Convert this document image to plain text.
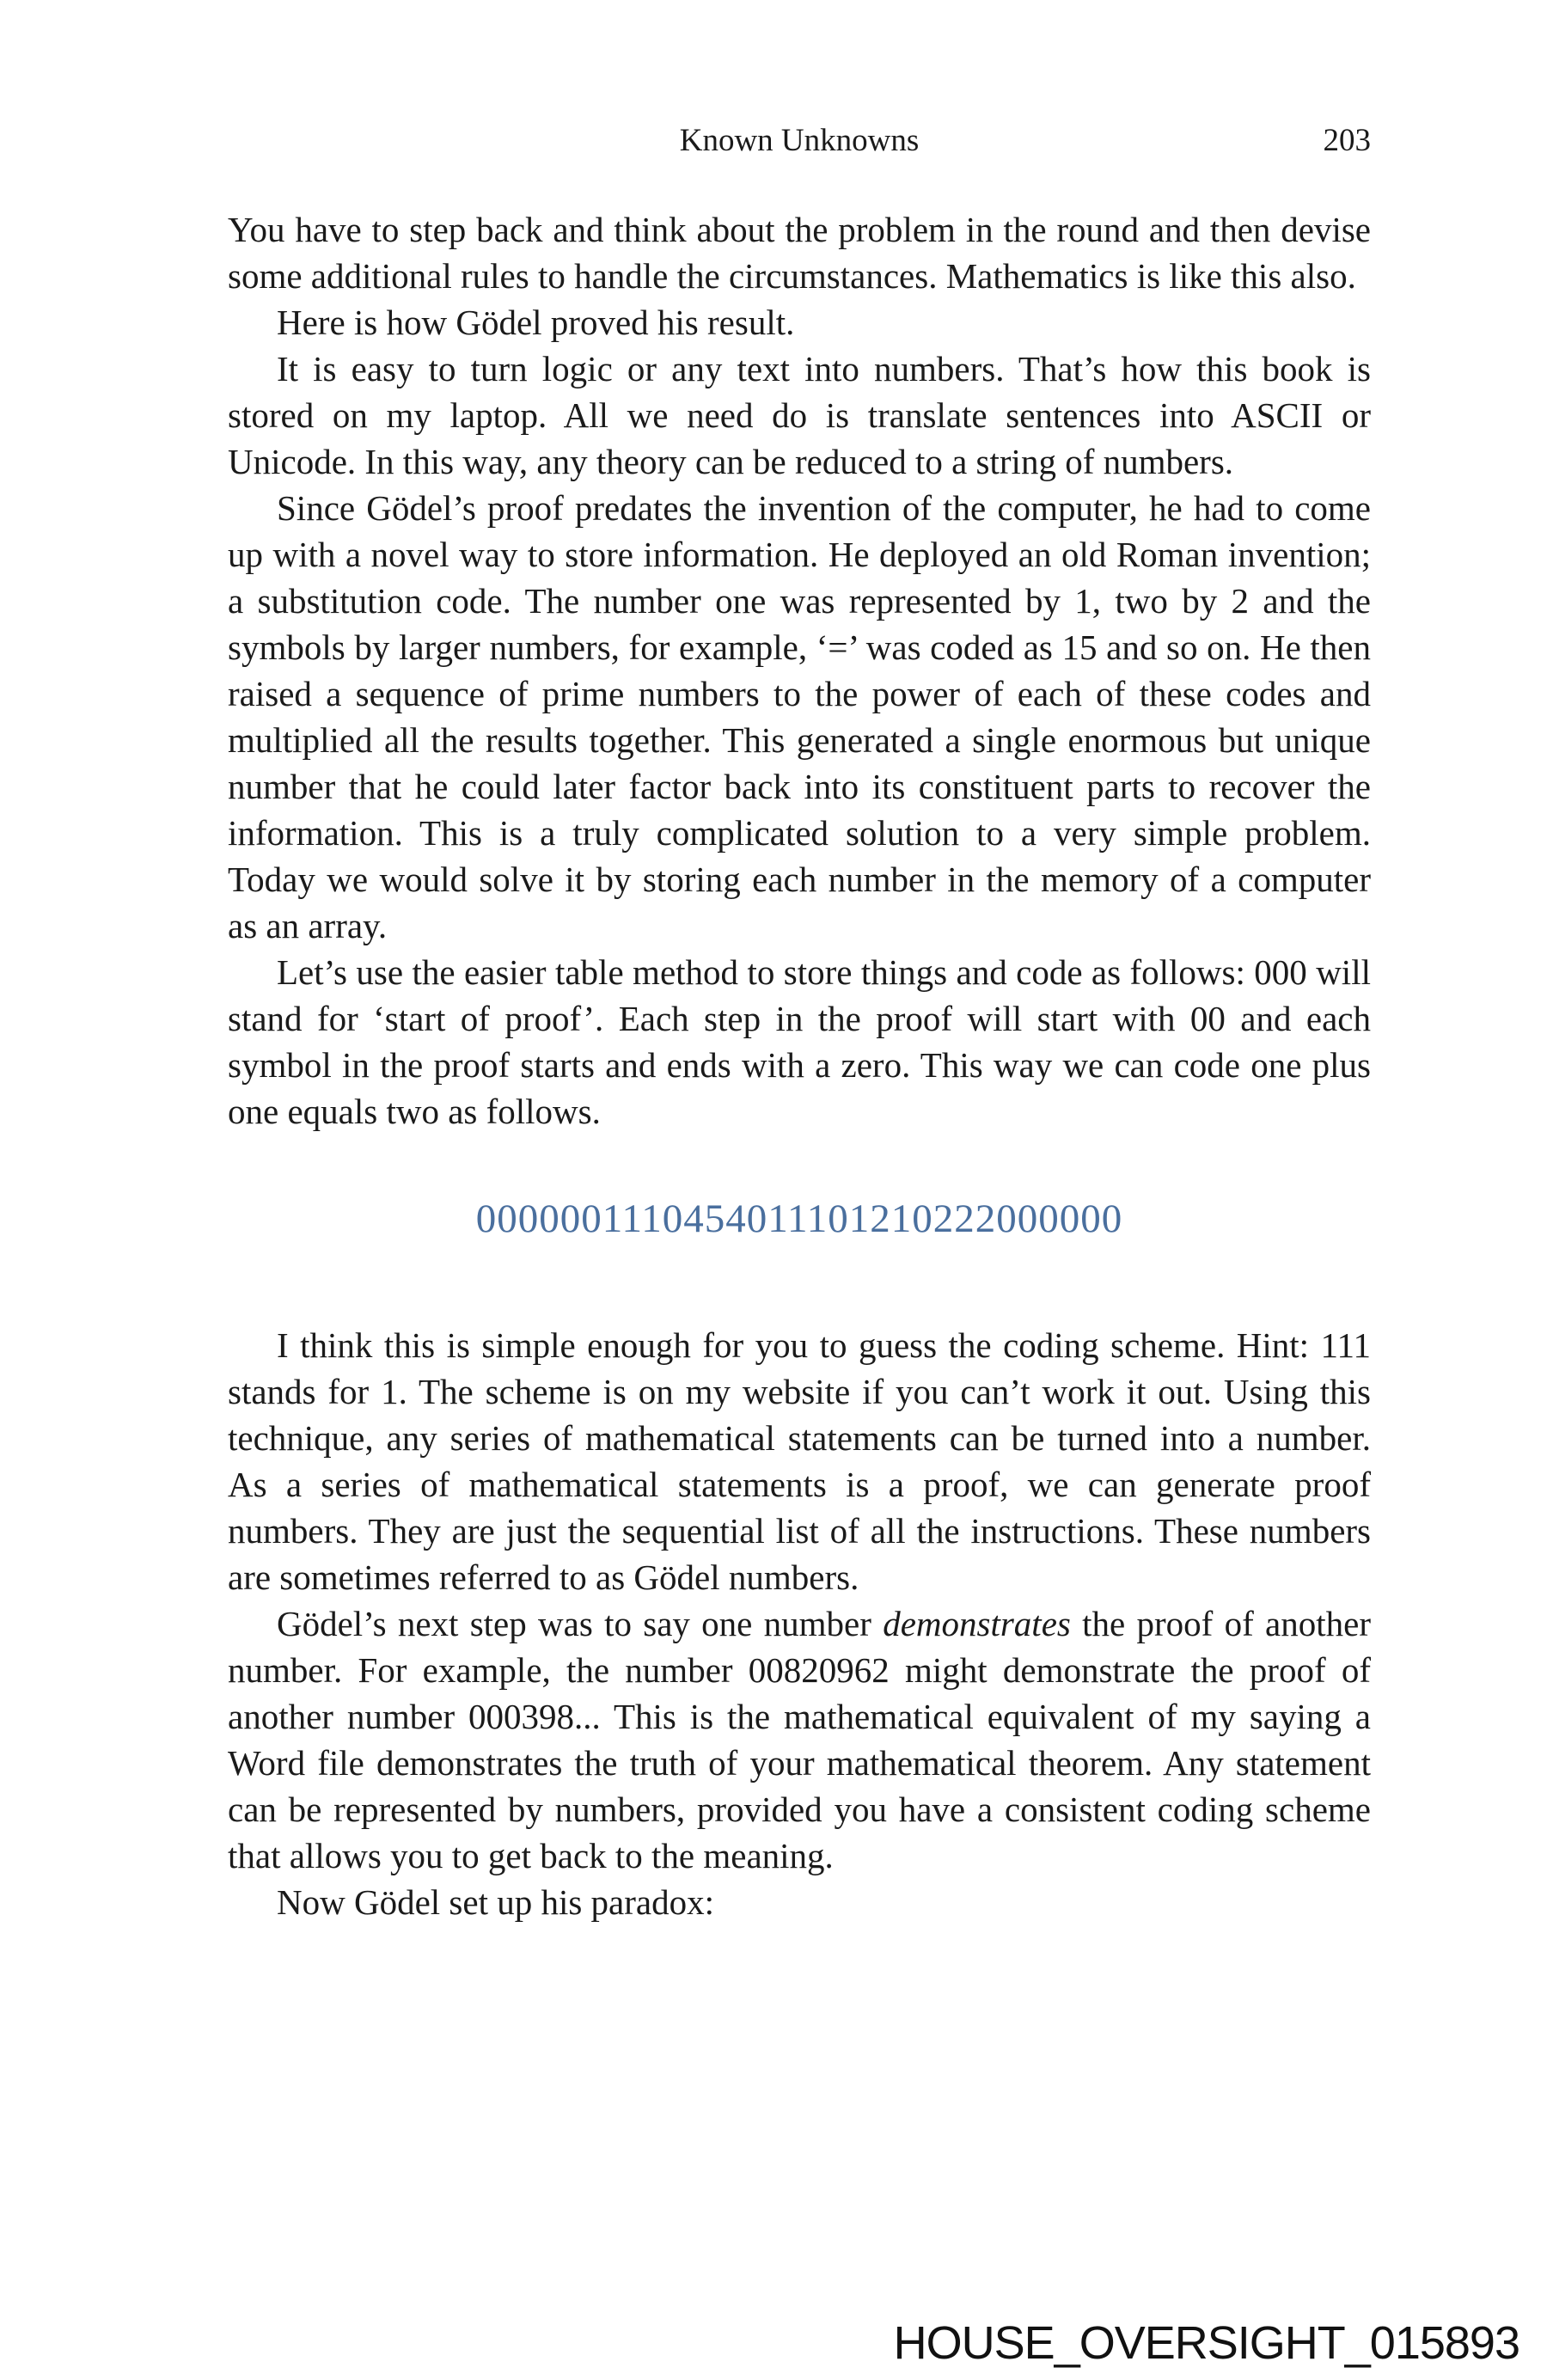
Known Unknowns	203

You have to step back and think about the problem in the round and then devise some additional rules to handle the circumstances. Mathematics is like this also.

Here is how Gödel proved his result.

It is easy to turn logic or any text into numbers. That’s how this book is stored on my laptop. All we need do is translate sentences into ASCII or Unicode. In this way, any theory can be reduced to a string of numbers.

Since Gödel’s proof predates the invention of the computer, he had to come up with a novel way to store information. He deployed an old Roman invention; a substitution code. The number one was represented by 1, two by 2 and the symbols by larger numbers, for example, ‘=’ was coded as 15 and so on. He then raised a sequence of prime numbers to the power of each of these codes and multiplied all the results together. This generated a single enormous but unique number that he could later factor back into its constituent parts to recover the information. This is a truly complicated solution to a very simple problem. Today we would solve it by storing each number in the memory of a computer as an array.

Let’s use the easier table method to store things and code as follows: 000 will stand for ‘start of proof’. Each step in the proof will start with 00 and each symbol in the proof starts and ends with a zero. This way we can code one plus one equals two as follows.

0000001110454011101210222000000

I think this is simple enough for you to guess the coding scheme. Hint: 111 stands for 1. The scheme is on my website if you can’t work it out. Using this technique, any series of mathematical statements can be turned into a number. As a series of mathematical statements is a proof, we can generate proof numbers. They are just the sequential list of all the instructions. These numbers are sometimes referred to as Gödel numbers.

Gödel’s next step was to say one number demonstrates the proof of another number. For example, the number 00820962 might demonstrate the proof of another number 000398... This is the mathematical equivalent of my saying a Word file demonstrates the truth of your mathematical theorem. Any statement can be represented by numbers, provided you have a consistent coding scheme that allows you to get back to the meaning.

Now Gödel set up his paradox:

HOUSE_OVERSIGHT_015893
